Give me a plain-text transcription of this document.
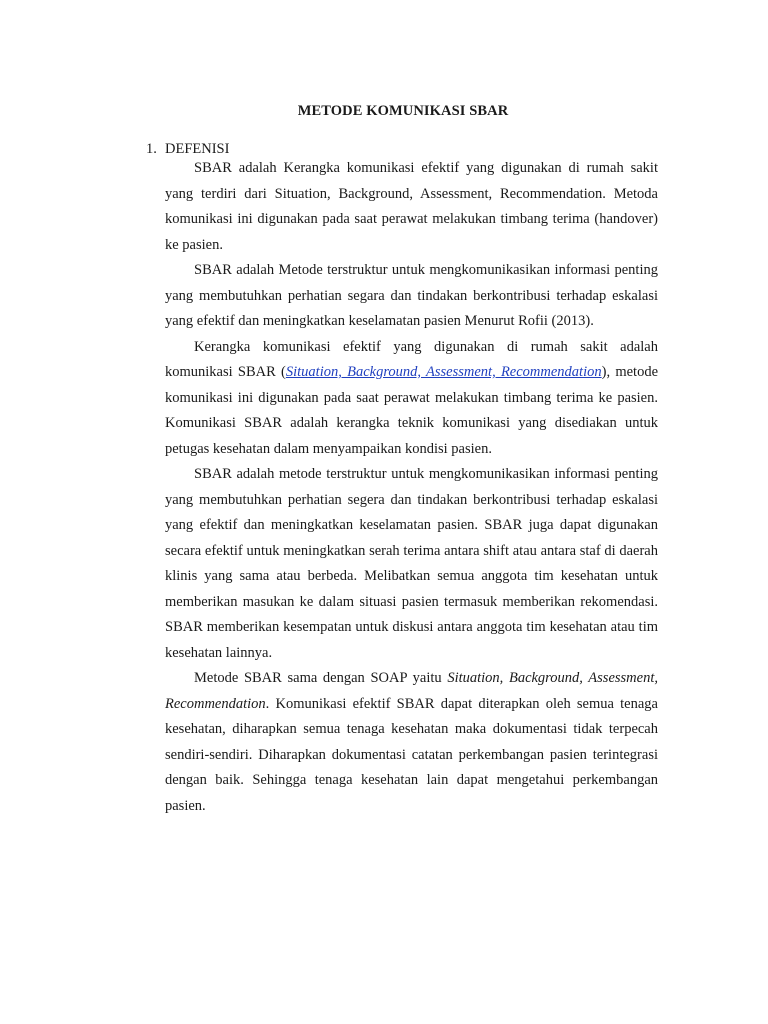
METODE KOMUNIKASI SBAR
1. DEFENISI

SBAR adalah Kerangka komunikasi efektif yang digunakan di rumah sakit yang terdiri dari Situation, Background, Assessment, Recommendation. Metoda komunikasi ini digunakan pada saat perawat melakukan timbang terima (handover) ke pasien.

SBAR adalah Metode terstruktur untuk mengkomunikasikan informasi penting yang membutuhkan perhatian segara dan tindakan berkontribusi terhadap eskalasi yang efektif dan meningkatkan keselamatan pasien Menurut Rofii (2013).

Kerangka komunikasi efektif yang digunakan di rumah sakit adalah komunikasi SBAR (Situation, Background, Assessment, Recommendation), metode komunikasi ini digunakan pada saat perawat melakukan timbang terima ke pasien. Komunikasi SBAR adalah kerangka teknik komunikasi yang disediakan untuk petugas kesehatan dalam menyampaikan kondisi pasien.

SBAR adalah metode terstruktur untuk mengkomunikasikan informasi penting yang membutuhkan perhatian segera dan tindakan berkontribusi terhadap eskalasi yang efektif dan meningkatkan keselamatan pasien. SBAR juga dapat digunakan secara efektif untuk meningkatkan serah terima antara shift atau antara staf di daerah klinis yang sama atau berbeda. Melibatkan semua anggota tim kesehatan untuk memberikan masukan ke dalam situasi pasien termasuk memberikan rekomendasi. SBAR memberikan kesempatan untuk diskusi antara anggota tim kesehatan atau tim kesehatan lainnya.

Metode SBAR sama dengan SOAP yaitu Situation, Background, Assessment, Recommendation. Komunikasi efektif SBAR dapat diterapkan oleh semua tenaga kesehatan, diharapkan semua tenaga kesehatan maka dokumentasi tidak terpecah sendiri-sendiri. Diharapkan dokumentasi catatan perkembangan pasien terintegrasi dengan baik. Sehingga tenaga kesehatan lain dapat mengetahui perkembangan pasien.
